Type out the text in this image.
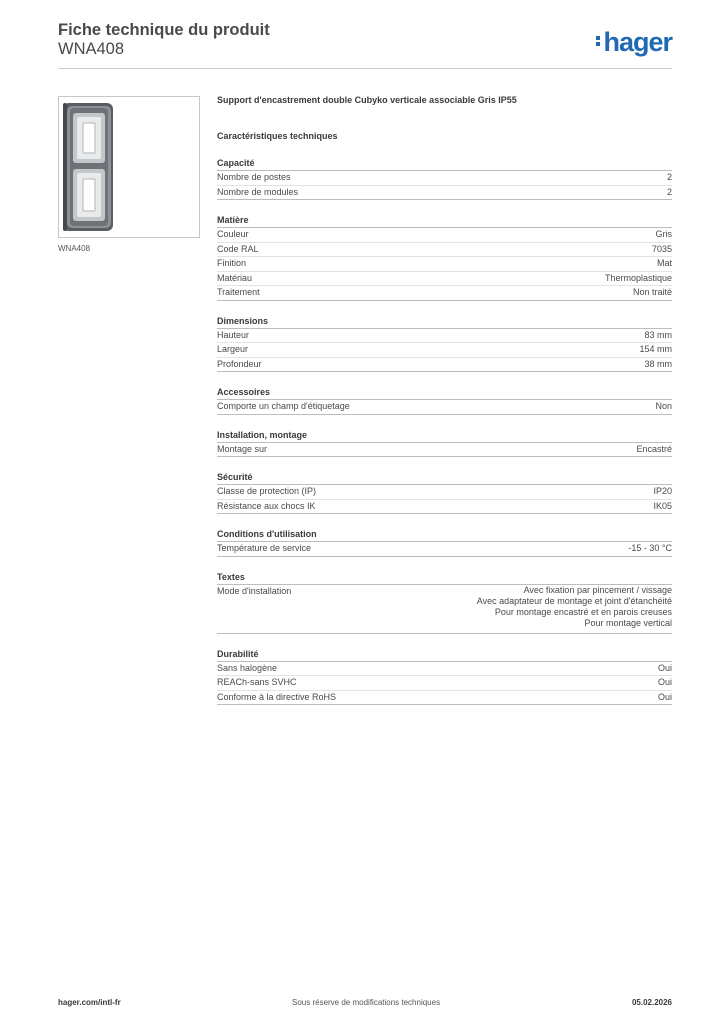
Fiche technique du produit
WNA408	hager
WNA408
Support d'encastrement double Cubyko verticale associable Gris IP55
Caractéristiques techniques
Capacité
Nombre de postes	2
Nombre de modules	2
Matière
Couleur	Gris
Code RAL	7035
Finition	Mat
Matériau	Thermoplastique
Traitement	Non traité
Dimensions
Hauteur	83 mm
Largeur	154 mm
Profondeur	38 mm
Accessoires
Comporte un champ d'étiquetage	Non
Installation, montage
Montage sur	Encastré
Sécurité
Classe de protection (IP)	IP20
Résistance aux chocs IK	IK05
Conditions d'utilisation
Température de service	-15 - 30 °C
Textes
Mode d'installation	Avec fixation par pincement / vissage
Avec adaptateur de montage et joint d'étanchéité
Pour montage encastré et en parois creuses
Pour montage vertical
Durabilité
Sans halogène	Oui
REACh-sans SVHC	Oui
Conforme à la directive RoHS	Oui
hager.com/intl-fr	Sous réserve de modifications techniques	05.02.2026
